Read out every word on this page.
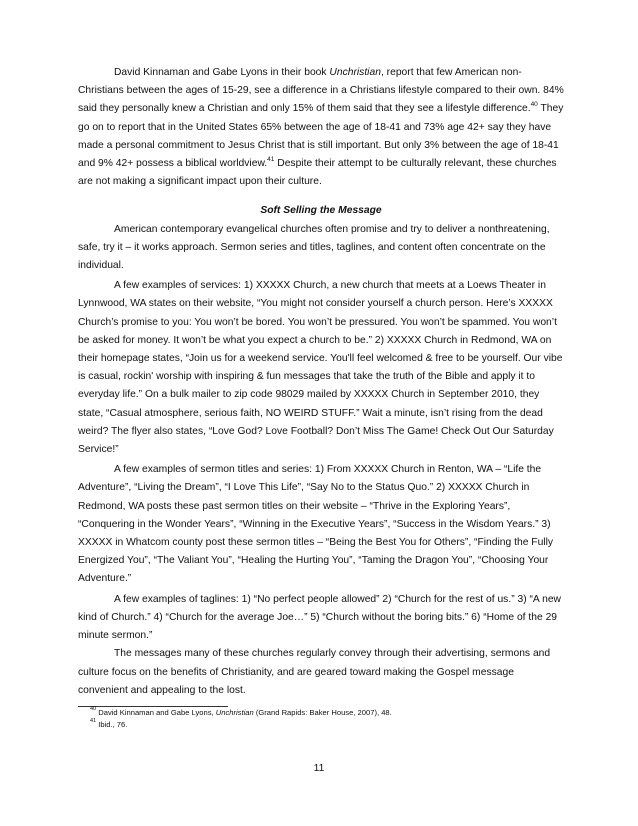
David Kinnaman and Gabe Lyons in their book Unchristian, report that few American non-Christians between the ages of 15-29, see a difference in a Christians lifestyle compared to their own. 84% said they personally knew a Christian and only 15% of them said that they see a lifestyle difference.$^{40}$ They go on to report that in the United States 65% between the age of 18-41 and 73% age 42+ say they have made a personal commitment to Jesus Christ that is still important. But only 3% between the age of 18-41 and 9% 42+ possess a biblical worldview.$^{41}$ Despite their attempt to be culturally relevant, these churches are not making a significant impact upon their culture.

Soft Selling the Message

American contemporary evangelical churches often promise and try to deliver a nonthreatening, safe, try it – it works approach. Sermon series and titles, taglines, and content often concentrate on the individual.

A few examples of services: 1) XXXXX Church, a new church that meets at a Loews Theater in Lynnwood, WA states on their website, “You might not consider yourself a church person. Here’s XXXXX Church’s promise to you: You won’t be bored. You won’t be pressured. You won’t be spammed. You won’t be asked for money. It won’t be what you expect a church to be.” 2) XXXXX Church in Redmond, WA on their homepage states, “Join us for a weekend service. You'll feel welcomed & free to be yourself. Our vibe is casual, rockin' worship with inspiring & fun messages that take the truth of the Bible and apply it to everyday life.” On a bulk mailer to zip code 98029 mailed by XXXXX Church in September 2010, they state, “Casual atmosphere, serious faith, NO WEIRD STUFF.” Wait a minute, isn’t rising from the dead weird? The flyer also states, “Love God? Love Football? Don’t Miss The Game! Check Out Our Saturday Service!”

A few examples of sermon titles and series: 1) From XXXXX Church in Renton, WA – “Life the Adventure”, “Living the Dream”, “I Love This Life”, “Say No to the Status Quo.” 2) XXXXX Church in Redmond, WA posts these past sermon titles on their website – “Thrive in the Exploring Years”, “Conquering in the Wonder Years”, “Winning in the Executive Years”, “Success in the Wisdom Years.” 3) XXXXX in Whatcom county post these sermon titles – “Being the Best You for Others”, “Finding the Fully Energized You”, “The Valiant You”, “Healing the Hurting You”, “Taming the Dragon You”, “Choosing Your Adventure.”

A few examples of taglines: 1) “No perfect people allowed” 2) “Church for the rest of us.” 3) “A new kind of Church.” 4) “Church for the average Joe…” 5) “Church without the boring bits.” 6) “Home of the 29 minute sermon.”

The messages many of these churches regularly convey through their advertising, sermons and culture focus on the benefits of Christianity, and are geared toward making the Gospel message convenient and appealing to the lost.

$^{40}$ David Kinnaman and Gabe Lyons, Unchristian (Grand Rapids: Baker House, 2007), 48.

$^{41}$ Ibid., 76.

11
